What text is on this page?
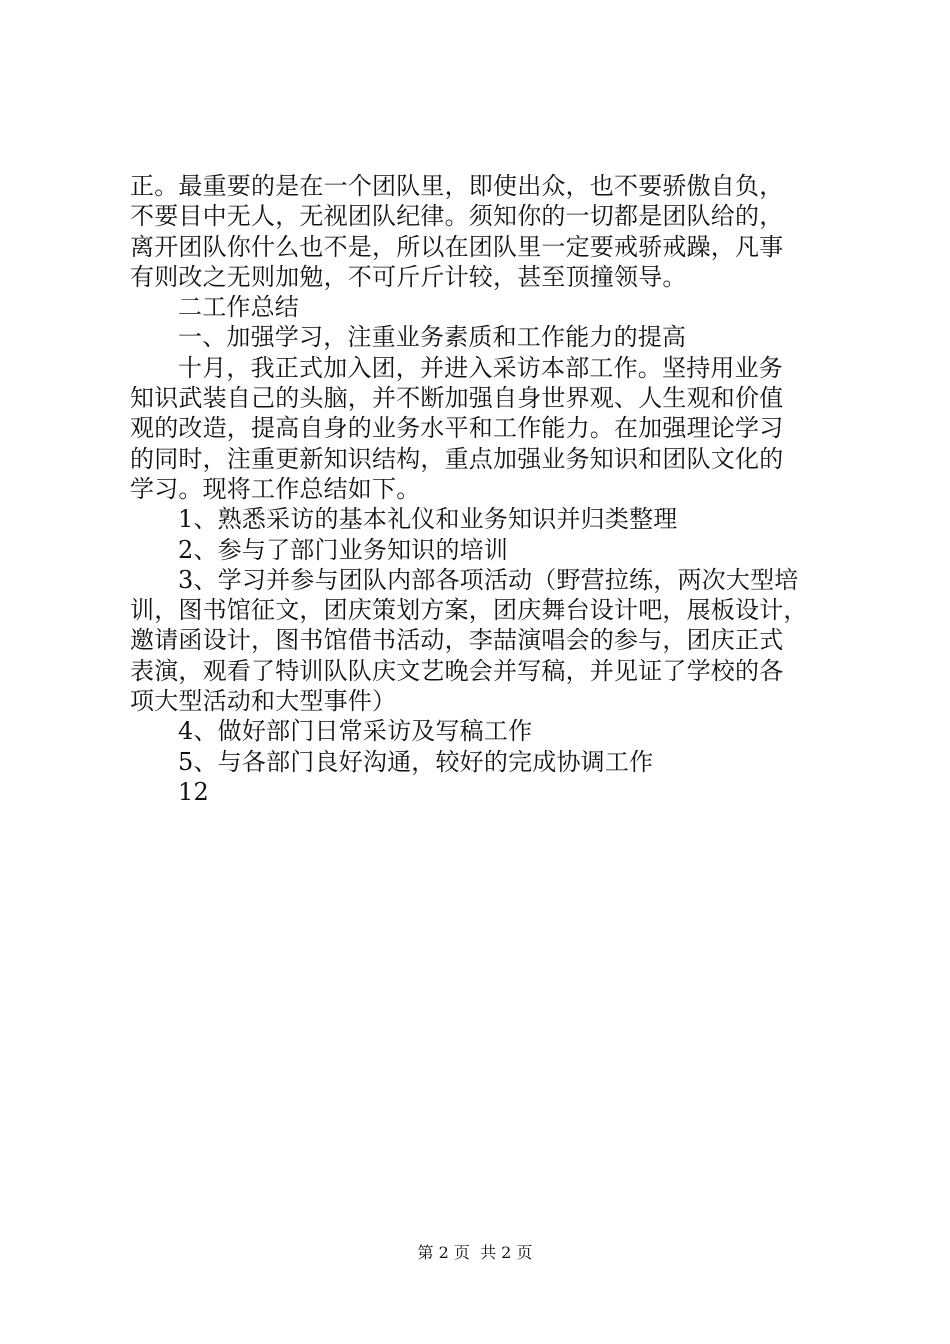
正。最重要的是在一个团队里，即使出众，也不要骄傲自负，
不要目中无人，无视团队纪律。须知你的一切都是团队给的，
离开团队你什么也不是，所以在团队里一定要戒骄戒躁，凡事
有则改之无则加勉，不可斤斤计较，甚至顶撞领导。
二工作总结
一、加强学习，注重业务素质和工作能力的提高
十月，我正式加入团，并进入采访本部工作。坚持用业务
知识武装自己的头脑，并不断加强自身世界观、人生观和价值
观的改造，提高自身的业务水平和工作能力。在加强理论学习
的同时，注重更新知识结构，重点加强业务知识和团队文化的
学习。现将工作总结如下。
1、熟悉采访的基本礼仪和业务知识并归类整理
2、参与了部门业务知识的培训
3、学习并参与团队内部各项活动（野营拉练，两次大型培
训，图书馆征文，团庆策划方案，团庆舞台设计吧，展板设计，
邀请函设计，图书馆借书活动，李喆演唱会的参与，团庆正式
表演，观看了特训队队庆文艺晚会并写稿，并见证了学校的各
项大型活动和大型事件）
4、做好部门日常采访及写稿工作
5、与各部门良好沟通，较好的完成协调工作
12
第 2 页  共 2 页
